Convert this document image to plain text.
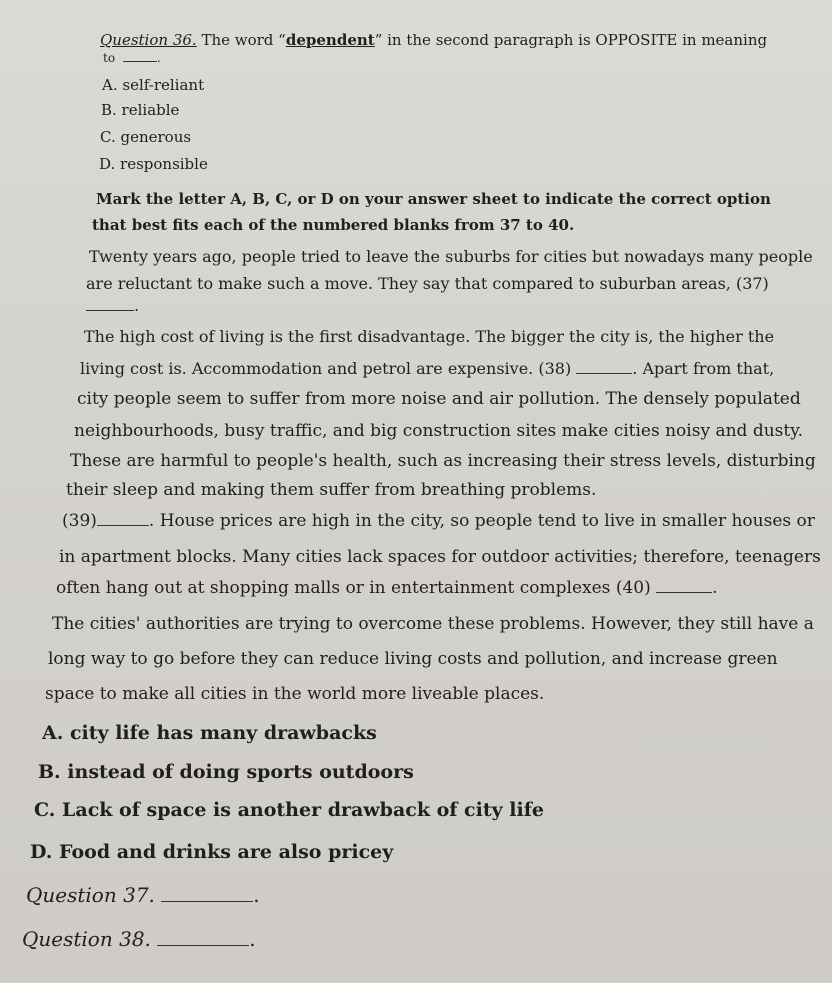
Question 36. The word “dependent” in the second paragraph is OPPOSITE in meaning
to	.
A. self-reliant
B. reliable
C. generous
D. responsible
Mark the letter A, B, C, or D on your answer sheet to indicate the correct option
that best fits each of the numbered blanks from 37 to 40.
Twenty years ago, people tried to leave the suburbs for cities but nowadays many people
are reluctant to make such a move. They say that compared to suburban areas, (37)
.
The high cost of living is the first disadvantage. The bigger the city is, the higher the
living cost is. Accommodation and petrol are expensive. (38)	. Apart from that,
city people seem to suffer from more noise and air pollution. The densely populated
neighbourhoods, busy traffic, and big construction sites make cities noisy and dusty.
These are harmful to people's health, such as increasing their stress levels, disturbing
their sleep and making them suffer from breathing problems.
(39)	. House prices are high in the city, so people tend to live in smaller houses or
in apartment blocks. Many cities lack spaces for outdoor activities; therefore, teenagers
often hang out at shopping malls or in entertainment complexes (40)	.
The cities' authorities are trying to overcome these problems. However, they still have a
long way to go before they can reduce living costs and pollution, and increase green
space to make all cities in the world more liveable places.
A. city life has many drawbacks
B. instead of doing sports outdoors
C. Lack of space is another drawback of city life
D. Food and drinks are also pricey
Question 37.	.
Question 38.	.
